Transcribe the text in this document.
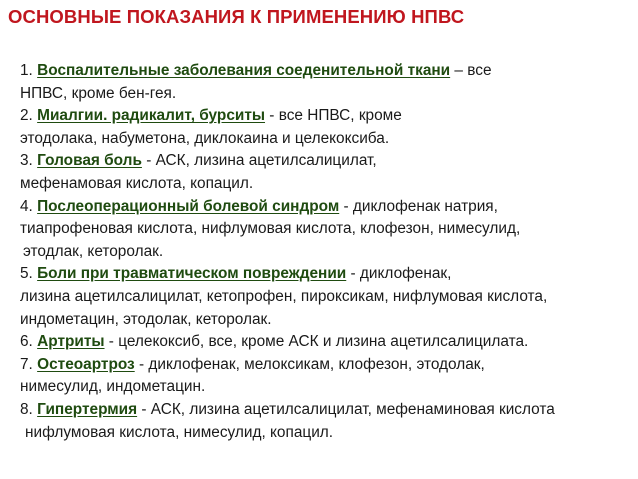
ОСНОВНЫЕ ПОКАЗАНИЯ К ПРИМЕНЕНИЮ НПВС
1. Воспалительные заболевания соеденительной ткани – все
НПВС, кроме бен-гея.
2. Миалгии. радикалит, бурситы - все НПВС, кроме
этодолака, набуметона, диклокаина и целекоксиба.
3. Головая боль - АСК, лизина ацетилсалицилат,
мефенамовая кислота, копацил.
4. Послеоперационный болевой синдром - диклофенак натрия,
тиапрофеновая кислота, нифлумовая кислота, клофезон, нимесулид,
этодлак, кеторолак.
5. Боли при травматическом повреждении - диклофенак,
лизина ацетилсалицилат, кетопрофен, пироксикам, нифлумовая кислота,
индометацин, этодолак, кеторолак.
6. Артриты - целекоксиб, все, кроме АСК и лизина ацетилсалицилата.
7. Остеоартроз - диклофенак, мелоксикам, клофезон, этодолак,
нимесулид, индометацин.
8. Гипертермия - АСК, лизина ацетилсалицилат, мефенаминовая кислота
нифлумовая кислота, нимесулид, копацил.
